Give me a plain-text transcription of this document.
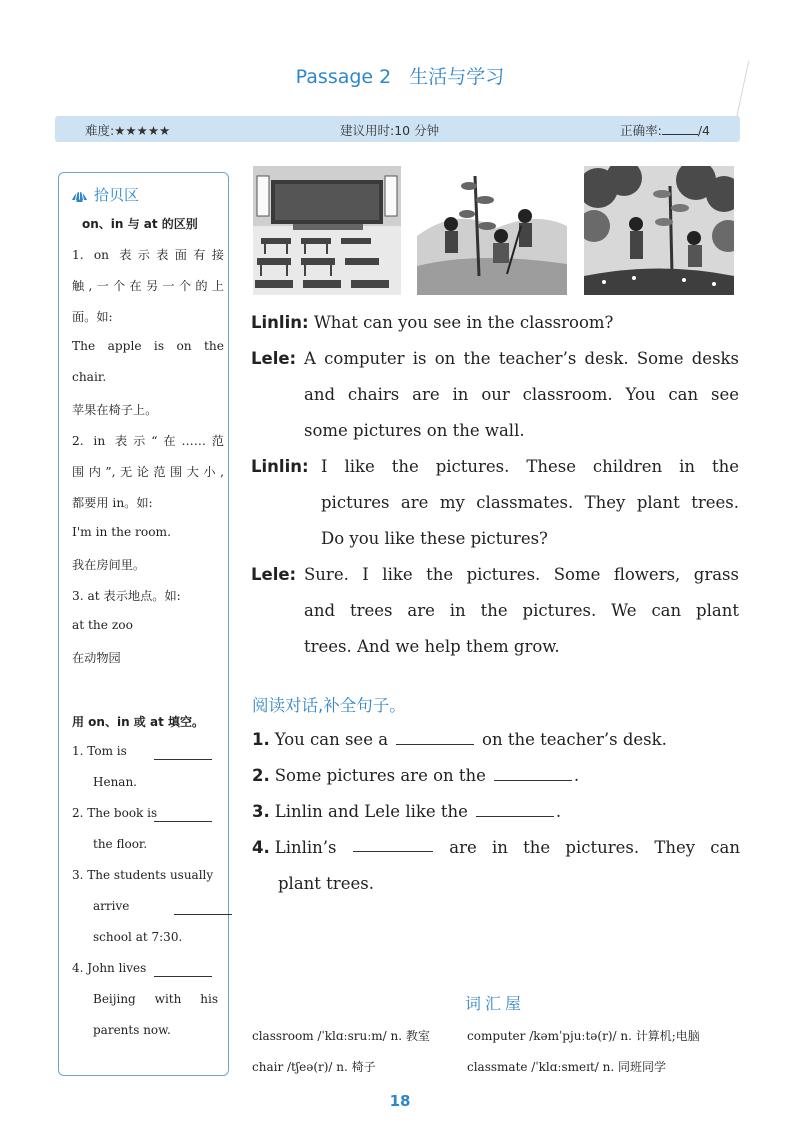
Passage 2 生活与学习
难度:★★★★★	建议用时:10 分钟	正确率:	/4
拾贝区
on、in 与 at 的区别
1. on 表示表面有接
触,一个在另一个的上
面。如:
The apple is on the
chair.
苹果在椅子上。
2. in 表示“在……范
围内”,无论范围大小,
都要用 in。如:
I'm in the room.
我在房间里。
3. at 表示地点。如:
at the zoo
在动物园
用 on、in 或 at 填空。
1. Tom is
Henan.
2. The book is
the floor.
3. The students usually
arrive
school at 7:30.
4. John lives
Beijing with his
parents now.
Linlin: What can you see in the classroom?
Lele: A computer is on the teacher’s desk. Some desks
and chairs are in our classroom. You can see
some pictures on the wall.
Linlin: I like the pictures. These children in the
pictures are my classmates. They plant trees.
Do you like these pictures?
Lele: Sure. I like the pictures. Some flowers, grass
and trees are in the pictures. We can plant
trees. And we help them grow.
阅读对话,补全句子。
1. You can see a	on the teacher’s desk.
2. Some pictures are on the	.
3. Linlin and Lele like the	.
4. Linlin’s	are in the pictures. They can
plant trees.
词汇屋
classroom /ˈklɑːsruːm/ n. 教室	computer /kəmˈpjuːtə(r)/ n. 计算机;电脑
chair /tʃeə(r)/ n. 椅子	classmate /ˈklɑːsmeɪt/ n. 同班同学
18
